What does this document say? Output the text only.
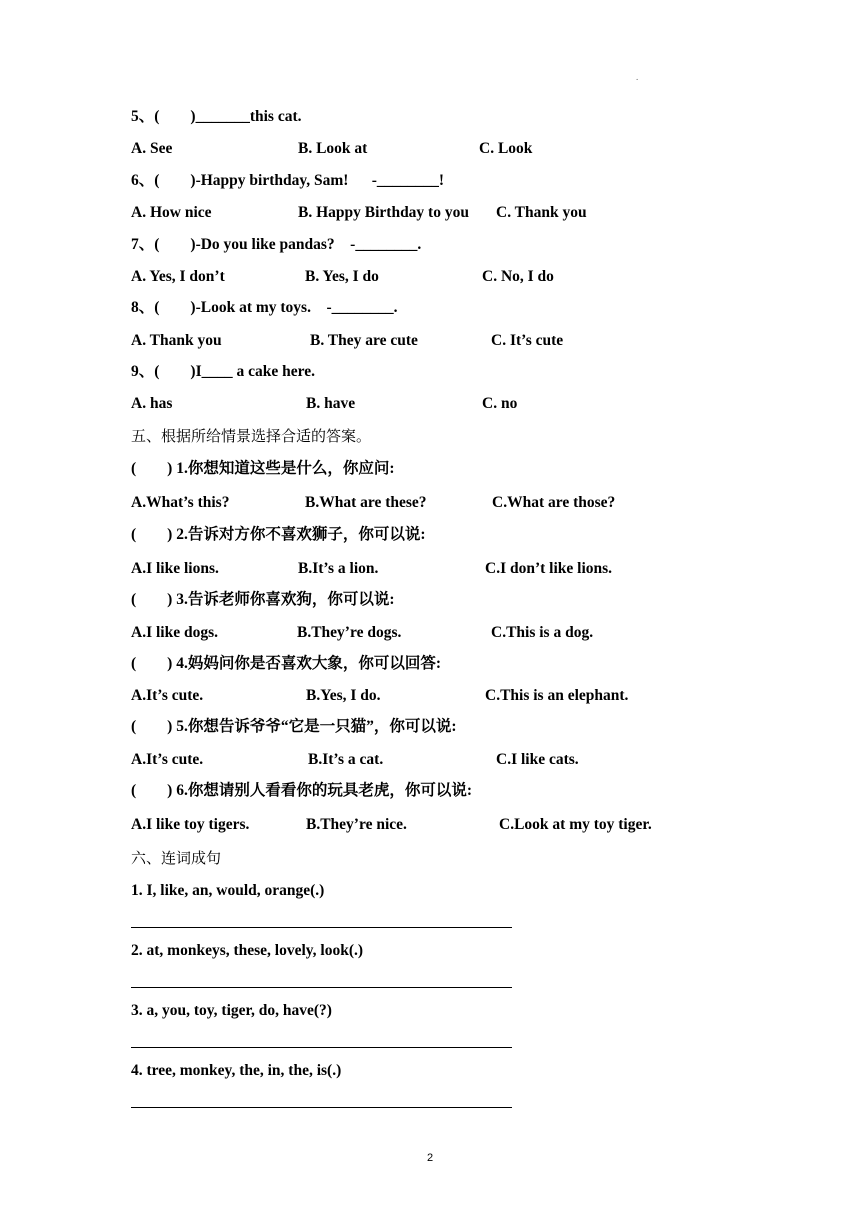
.
5、(        )_______this cat.
A. See	B. Look at	C. Look
6、(        )-Happy birthday, Sam!      -________!
A. How nice	B. Happy Birthday to you C. Thank you
7、(        )-Do you like pandas?    -________.
A. Yes, I don’t	B. Yes, I do	C. No, I do
8、(        )-Look at my toys.    -________.
A. Thank you	B. They are cute	C. It’s cute
9、(        )I____ a cake here.
A. has	B. have	C. no
五、根据所给情景选择合适的答案。
(        ) 1.你想知道这些是什么，你应问:
A.What’s this?	B.What are these?	C.What are those?
(        ) 2.告诉对方你不喜欢狮子，你可以说:
A.I like lions.	B.It’s a lion.	C.I don’t like lions.
(        ) 3.告诉老师你喜欢狗，你可以说:
A.I like dogs.	B.They’re dogs.	C.This is a dog.
(        ) 4.妈妈问你是否喜欢大象，你可以回答:
A.It’s cute.	B.Yes, I do.	C.This is an elephant.
(        ) 5.你想告诉爷爷“它是一只猫”，你可以说:
A.It’s cute.	B.It’s a cat.	C.I like cats.
(        ) 6.你想请别人看看你的玩具老虎，你可以说:
A.I like toy tigers.	B.They’re nice.	C.Look at my toy tiger.
六、连词成句
1. I, like, an, would, orange(.)
2. at, monkeys, these, lovely, look(.)
3. a, you, toy, tiger, do, have(?)
4. tree, monkey, the, in, the, is(.)
2
